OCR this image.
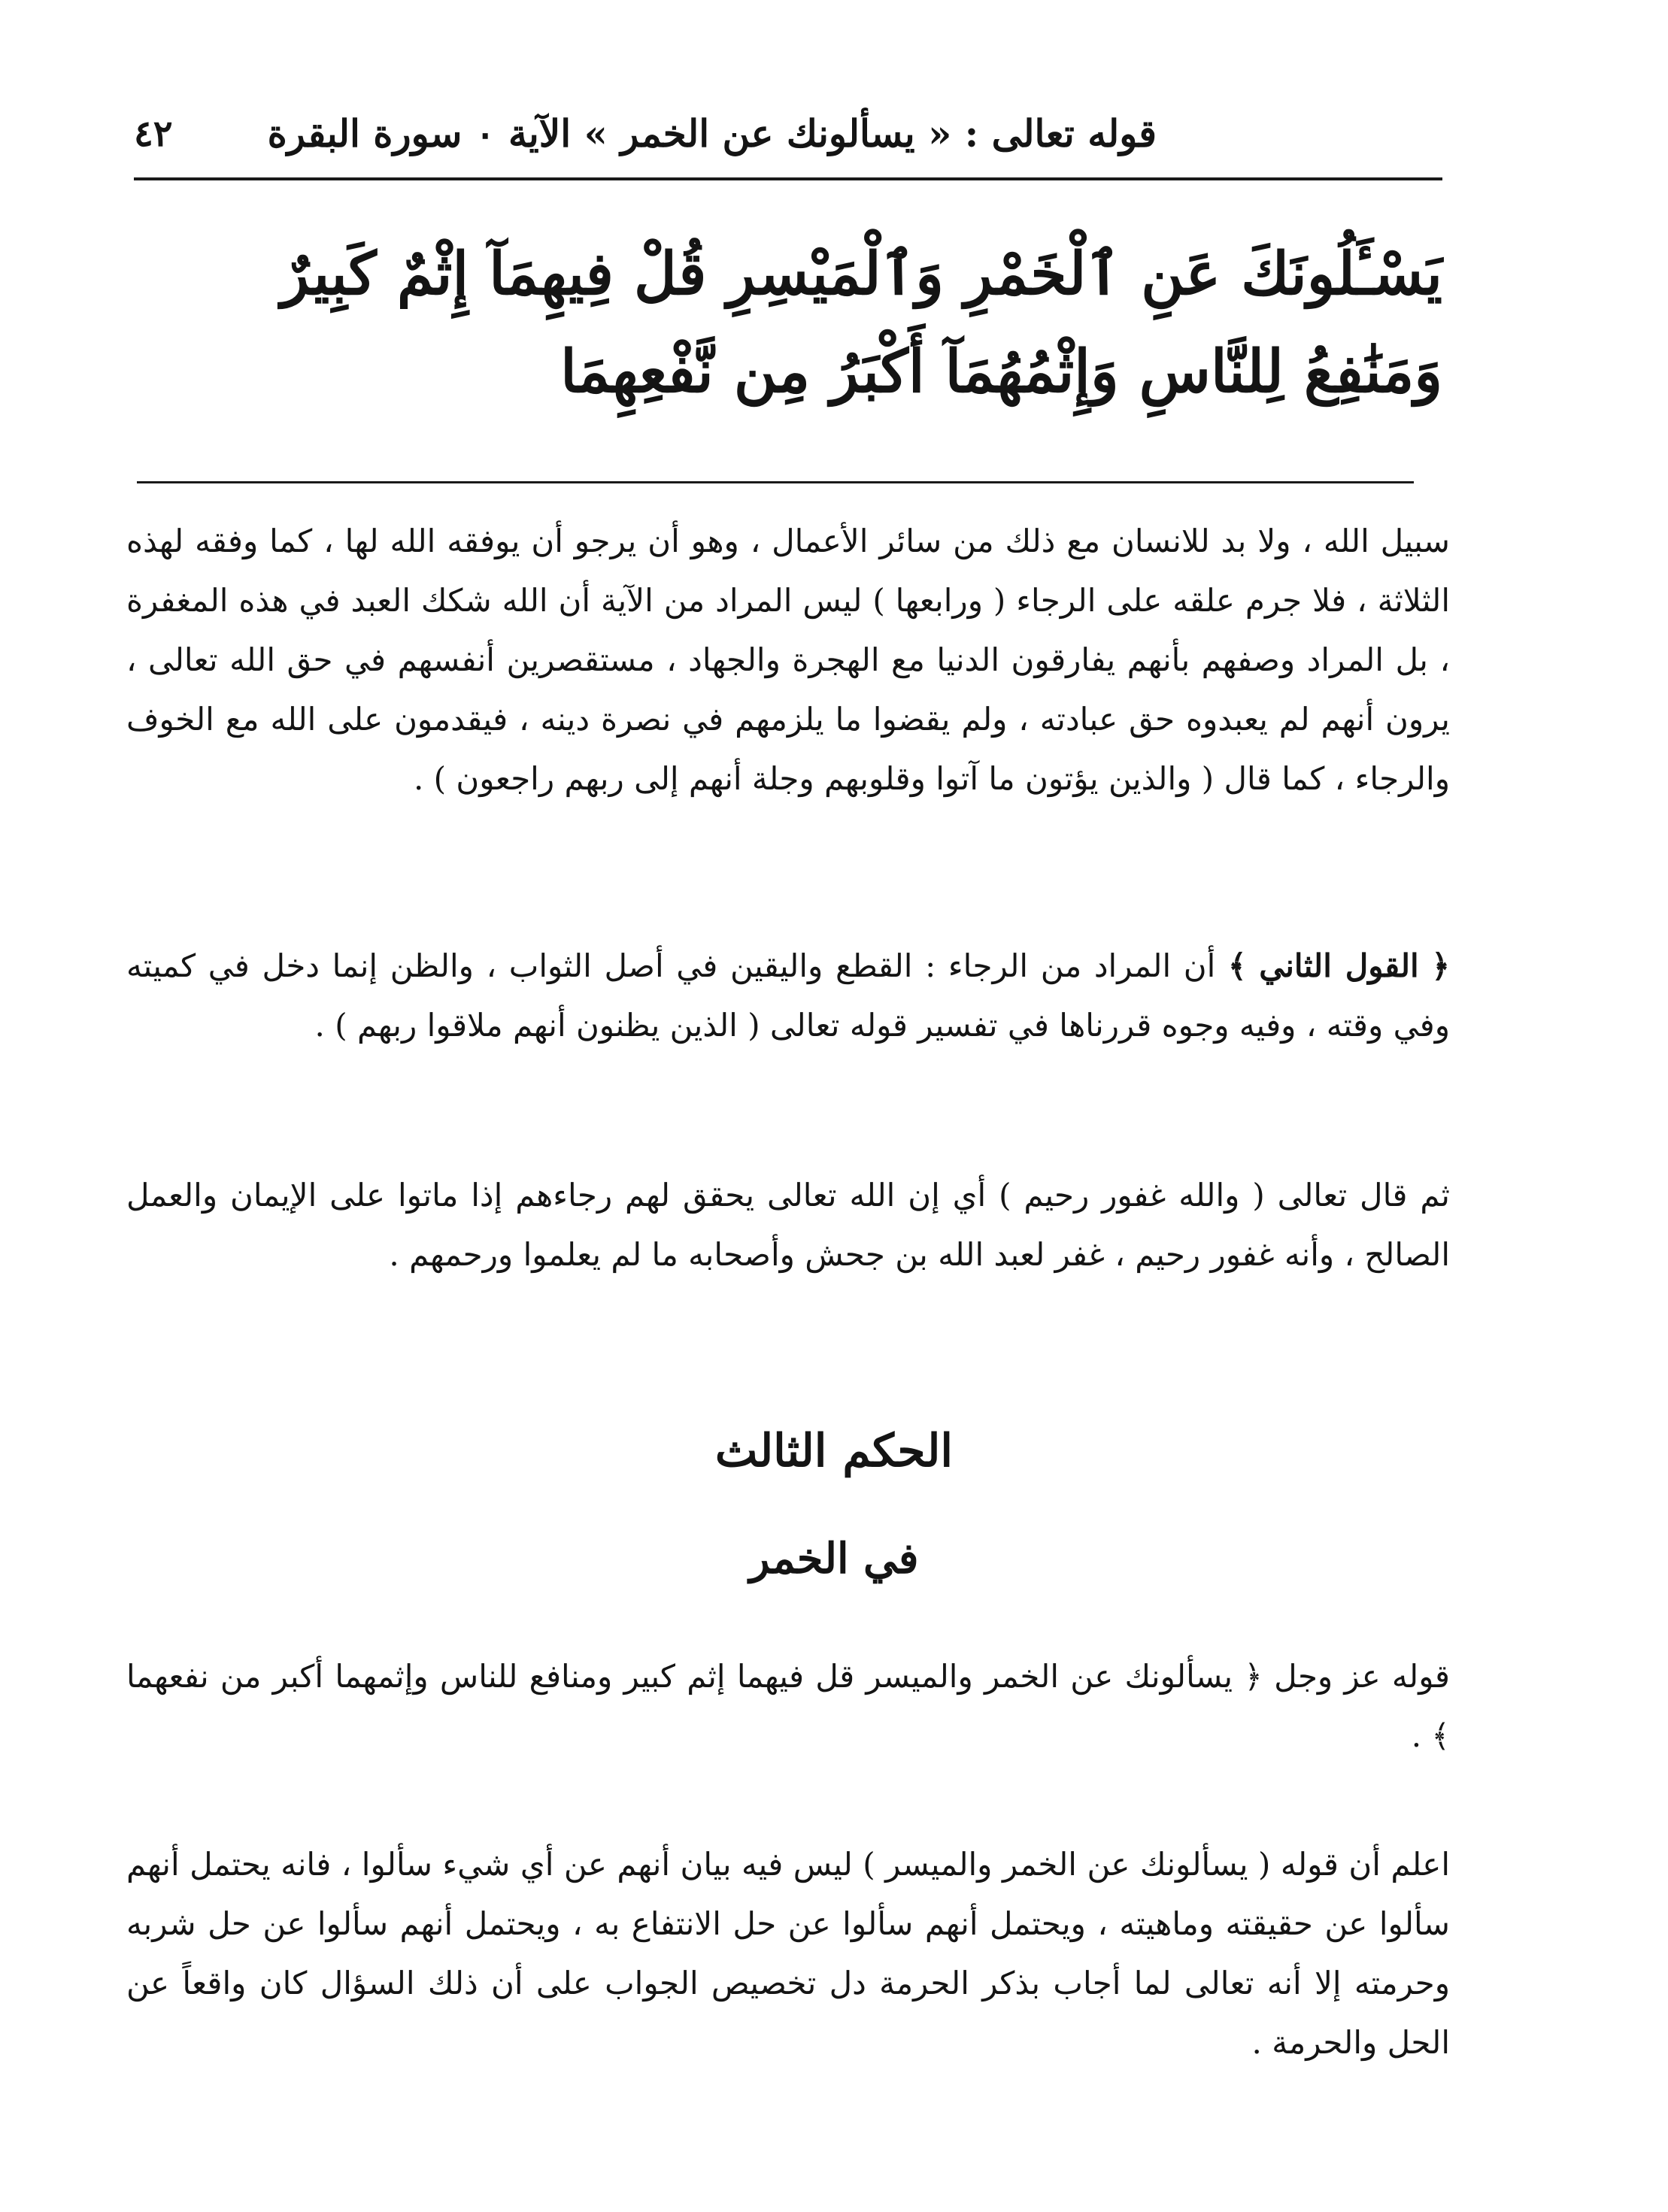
٤٢	قوله تعالى : « يسألونك عن الخمر » الآية ٠ سورة البقرة
يَسْـَٔلُونَكَ عَنِ ٱلْخَمْرِ وَٱلْمَيْسِرِ قُلْ فِيهِمَآ إِثْمٌ كَبِيرٌ وَمَنَٰفِعُ لِلنَّاسِ وَإِثْمُهُمَآ أَكْبَرُ مِن نَّفْعِهِمَا

سبيل الله ، ولا بد للانسان مع ذلك من سائر الأعمال ، وهو أن يرجو أن يوفقه الله لها ، كما وفقه لهذه الثلاثة ، فلا جرم علقه على الرجاء ( ورابعها ) ليس المراد من الآية أن الله شكك العبد في هذه المغفرة ، بل المراد وصفهم بأنهم يفارقون الدنيا مع الهجرة والجهاد ، مستقصرين أنفسهم في حق الله تعالى ، يرون أنهم لم يعبدوه حق عبادته ، ولم يقضوا ما يلزمهم في نصرة دينه ، فيقدمون على الله مع الخوف والرجاء ، كما قال ( والذين يؤتون ما آتوا وقلوبهم وجلة أنهم إلى ربهم راجعون ) .

﴿ القول الثاني ﴾ أن المراد من الرجاء : القطع واليقين في أصل الثواب ، والظن إنما دخل في كميته وفي وقته ، وفيه وجوه قررناها في تفسير قوله تعالى ( الذين يظنون أنهم ملاقوا ربهم ) .

ثم قال تعالى ( والله غفور رحيم ) أي إن الله تعالى يحقق لهم رجاءهم إذا ماتوا على الإيمان والعمل الصالح ، وأنه غفور رحيم ، غفر لعبد الله بن جحش وأصحابه ما لم يعلموا ورحمهم .

الحكم الثالث
في الخمر

قوله عز وجل ﴿ يسألونك عن الخمر والميسر قل فيهما إثم كبير ومنافع للناس وإثمهما أكبر من نفعهما ﴾ .

اعلم أن قوله ( يسألونك عن الخمر والميسر ) ليس فيه بيان أنهم عن أي شيء سألوا ، فانه يحتمل أنهم سألوا عن حقيقته وماهيته ، ويحتمل أنهم سألوا عن حل الانتفاع به ، ويحتمل أنهم سألوا عن حل شربه وحرمته إلا أنه تعالى لما أجاب بذكر الحرمة دل تخصيص الجواب على أن ذلك السؤال كان واقعاً عن الحل والحرمة .
